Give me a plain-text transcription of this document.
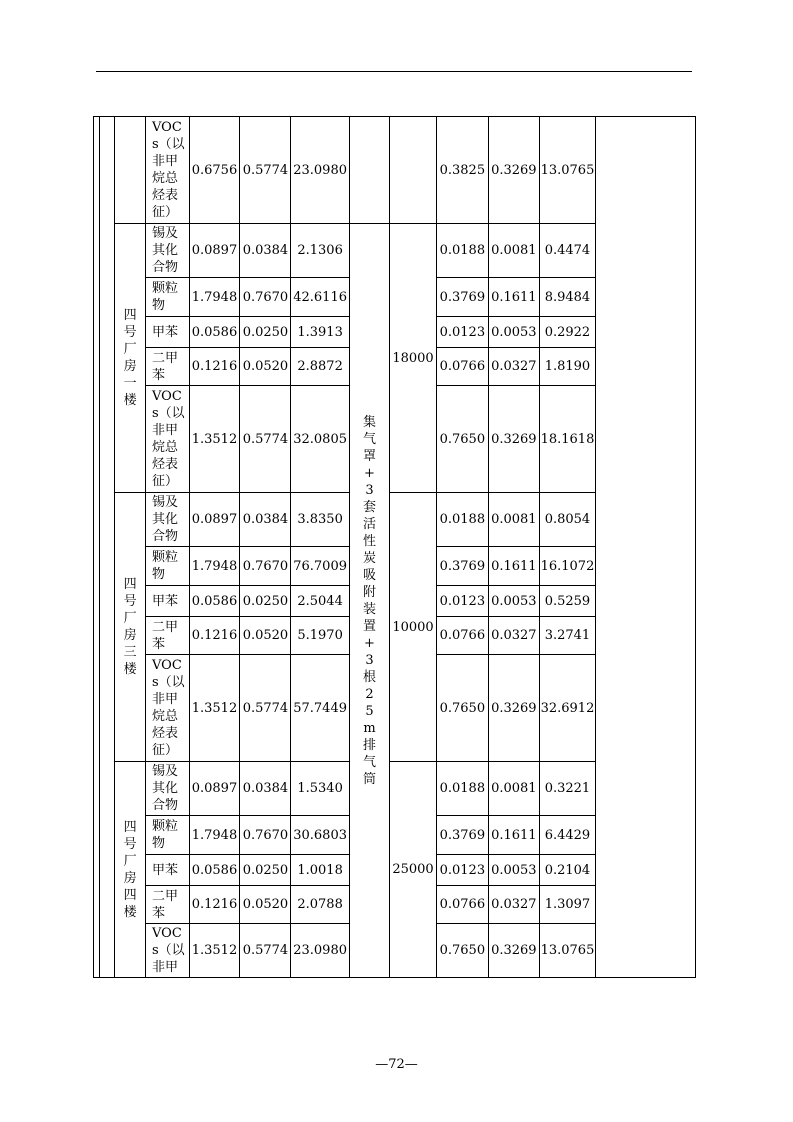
			VOCs（以非甲烷总烃表征）	0.6756	0.5774	23.0980			0.3825	0.3269	13.0765	
		四号厂房一楼	锡及其化合物	0.0897	0.0384	2.1306	集气罩+3套活性炭吸附装置+3根25m排气筒	18000	0.0188	0.0081	0.4474	
			颗粒物	1.7948	0.7670	42.6116			0.3769	0.1611	8.9484	
			甲苯	0.0586	0.0250	1.3913			0.0123	0.0053	0.2922	
			二甲苯	0.1216	0.0520	2.8872			0.0766	0.0327	1.8190	
			VOCs（以非甲烷总烃表征）	1.3512	0.5774	32.0805			0.7650	0.3269	18.1618	
		四号厂房三楼	锡及其化合物	0.0897	0.0384	3.8350		10000	0.0188	0.0081	0.8054	
			颗粒物	1.7948	0.7670	76.7009			0.3769	0.1611	16.1072	
			甲苯	0.0586	0.0250	2.5044			0.0123	0.0053	0.5259	
			二甲苯	0.1216	0.0520	5.1970			0.0766	0.0327	3.2741	
			VOCs（以非甲烷总烃表征）	1.3512	0.5774	57.7449			0.7650	0.3269	32.6912	
		四号厂房四楼	锡及其化合物	0.0897	0.0384	1.5340		25000	0.0188	0.0081	0.3221	
			颗粒物	1.7948	0.7670	30.6803			0.3769	0.1611	6.4429	
			甲苯	0.0586	0.0250	1.0018			0.0123	0.0053	0.2104	
			二甲苯	0.1216	0.0520	2.0788			0.0766	0.0327	1.3097	
			VOCs（以非甲	1.3512	0.5774	23.0980			0.7650	0.3269	13.0765	
—72—
